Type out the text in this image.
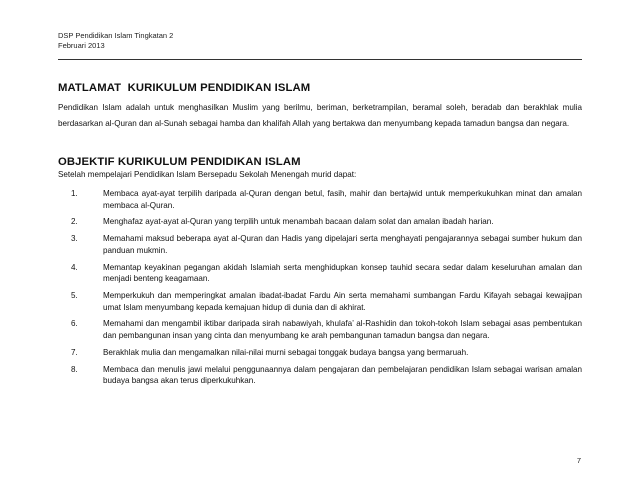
DSP Pendidikan Islam Tingkatan 2
Februari 2013
MATLAMAT  KURIKULUM PENDIDIKAN ISLAM
Pendidikan Islam adalah untuk menghasilkan Muslim yang berilmu, beriman, berketrampilan, beramal soleh, beradab dan berakhlak mulia berdasarkan al-Quran dan al-Sunah sebagai hamba dan khalifah Allah yang bertakwa dan menyumbang kepada tamadun bangsa dan negara.
OBJEKTIF KURIKULUM PENDIDIKAN ISLAM
Setelah mempelajari Pendidikan Islam Bersepadu Sekolah Menengah murid dapat:
1.	Membaca ayat-ayat terpilih daripada al-Quran dengan betul, fasih, mahir dan bertajwid untuk memperkukuhkan minat dan amalan membaca al-Quran.
2.	Menghafaz ayat-ayat al-Quran yang terpilih untuk menambah bacaan dalam solat dan amalan ibadah harian.
3.	Memahami maksud beberapa ayat al-Quran dan Hadis yang dipelajari serta menghayati pengajarannya sebagai sumber hukum dan panduan mukmin.
4.	Memantap keyakinan pegangan akidah Islamiah serta menghidupkan konsep tauhid secara sedar dalam keseluruhan amalan dan menjadi benteng keagamaan.
5.	Memperkukuh dan memperingkat amalan ibadat-ibadat Fardu Ain serta memahami sumbangan Fardu Kifayah sebagai kewajipan umat Islam menyumbang kepada kemajuan hidup di dunia dan di akhirat.
6.	Memahami dan mengambil iktibar daripada sirah nabawiyah, khulafa’ al-Rashidin dan tokoh-tokoh Islam sebagai asas pembentukan dan pembangunan insan yang cinta dan menyumbang ke arah pembangunan tamadun bangsa dan negara.
7.	Berakhlak mulia dan mengamalkan nilai-nilai murni sebagai tonggak budaya bangsa yang bermaruah.
8.	Membaca dan menulis jawi melalui penggunaannya dalam pengajaran dan pembelajaran pendidikan Islam sebagai warisan amalan budaya bangsa akan terus diperkukuhkan.
7
